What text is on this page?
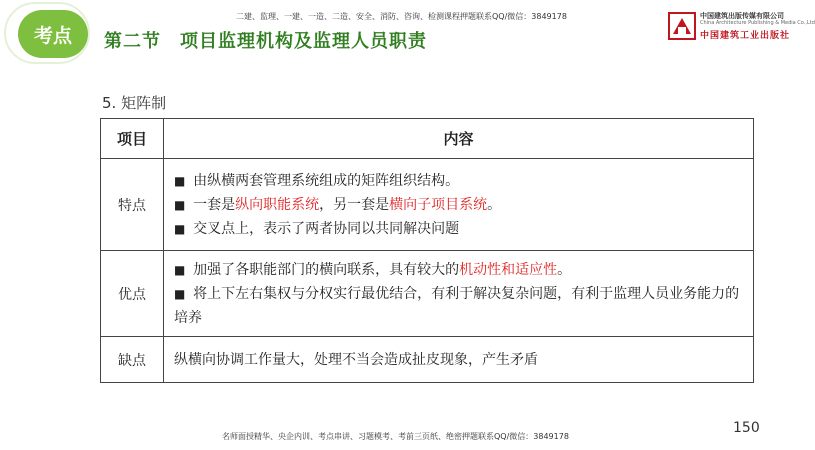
考点 第二节　项目监理机构及监理人员职责
二建、监理、一建、一造、二造、安全、消防、咨询、检测课程押题联系QQ/微信：3849178	中国建筑出版传媒有限公司
China Architecture Publishing & Media Co.,Ltd
中国建筑工业出版社
5. 矩阵制
项目	内容
特点	■ 由纵横两套管理系统组成的矩阵组织结构。
■ 一套是纵向职能系统，另一套是横向子项目系统。
■ 交叉点上，表示了两者协同以共同解决问题

优点	■ 加强了各职能部门的横向联系，具有较大的机动性和适应性。
■ 将上下左右集权与分权实行最优结合，有利于解决复杂问题，有利于监理人员业务能力的培养

缺点	纵横向协调工作量大，处理不当会造成扯皮现象，产生矛盾
150
名师面授精华、央企内训、考点串讲、习题模考、考前三页纸、绝密押题联系QQ/微信：3849178
